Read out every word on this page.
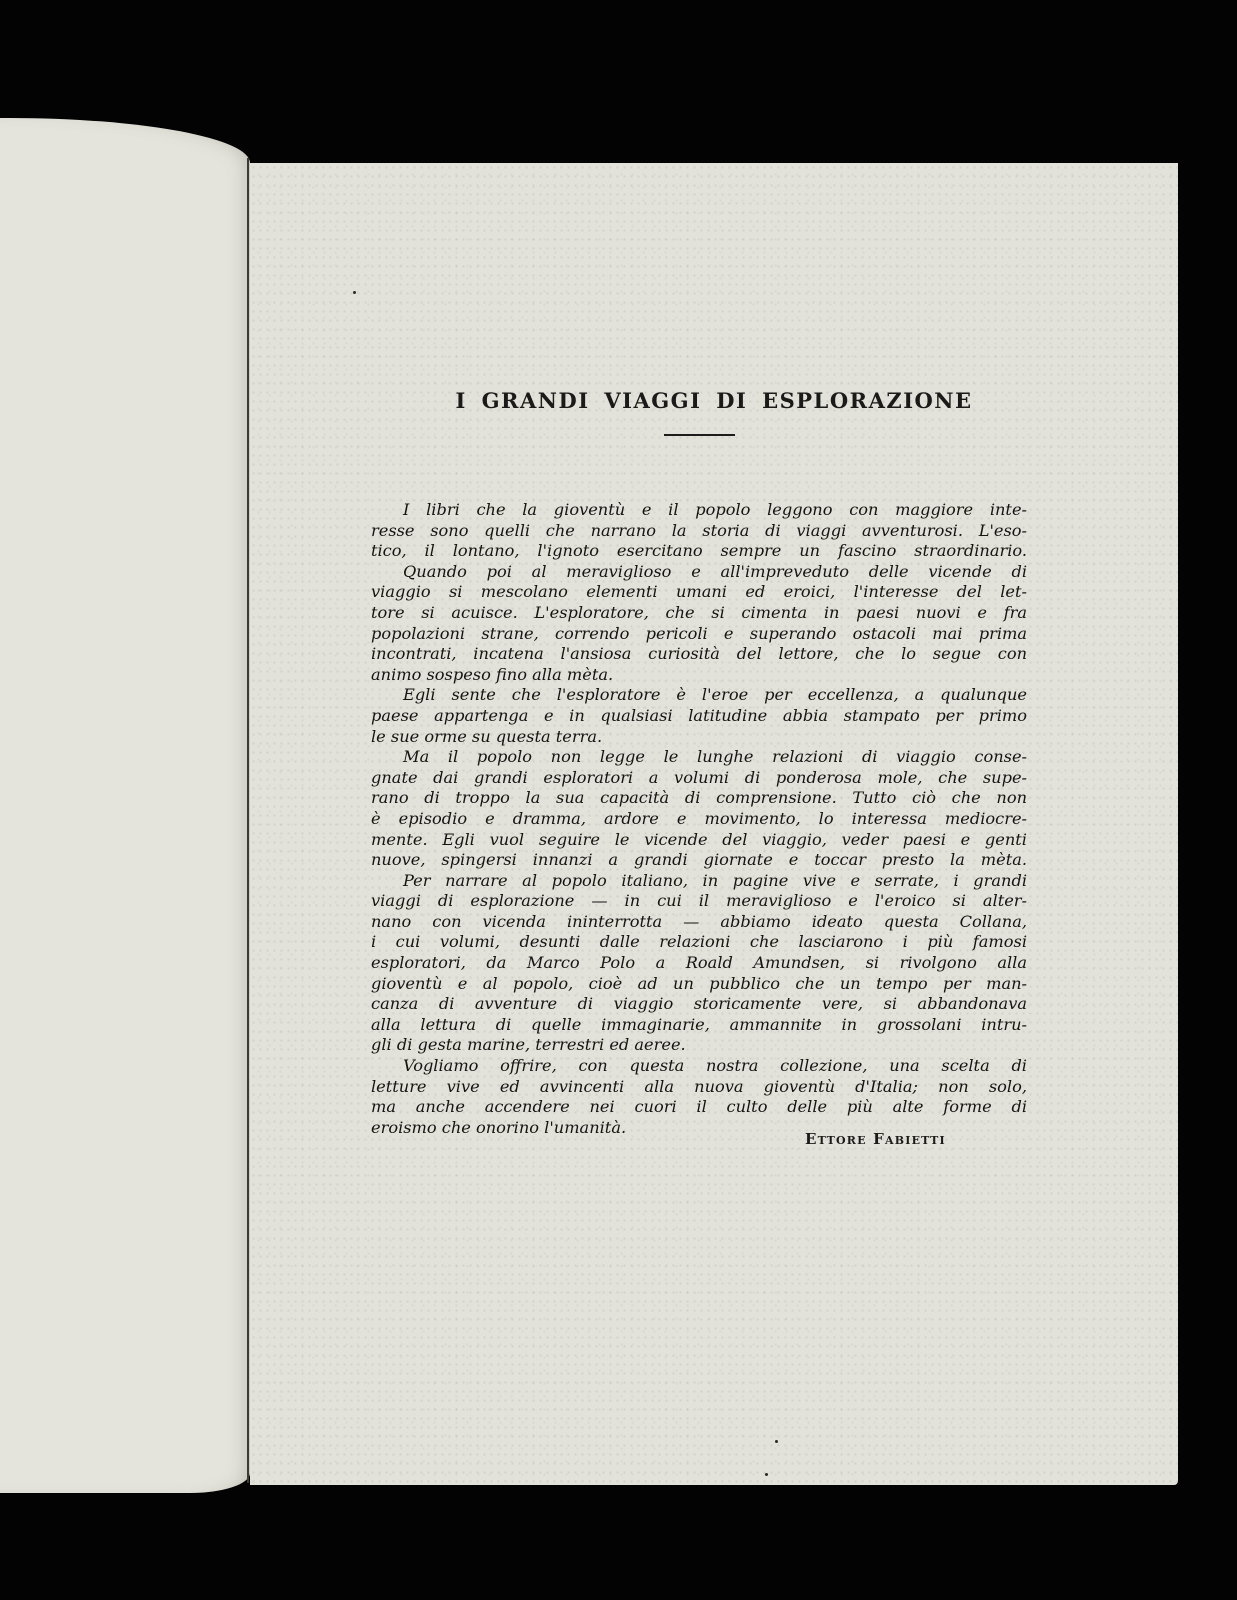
I GRANDI VIAGGI DI ESPLORAZIONE
I libri che la gioventù e il popolo leggono con maggiore inte-
resse sono quelli che narrano la storia di viaggi avventurosi. L'eso-
tico, il lontano, l'ignoto esercitano sempre un fascino straordinario.
Quando poi al meraviglioso e all'impreveduto delle vicende di
viaggio si mescolano elementi umani ed eroici, l'interesse del let-
tore si acuisce. L'esploratore, che si cimenta in paesi nuovi e fra
popolazioni strane, correndo pericoli e superando ostacoli mai prima
incontrati, incatena l'ansiosa curiosità del lettore, che lo segue con
animo sospeso fino alla mèta.
Egli sente che l'esploratore è l'eroe per eccellenza, a qualunque
paese appartenga e in qualsiasi latitudine abbia stampato per primo
le sue orme su questa terra.
Ma il popolo non legge le lunghe relazioni di viaggio conse-
gnate dai grandi esploratori a volumi di ponderosa mole, che supe-
rano di troppo la sua capacità di comprensione. Tutto ciò che non
è episodio e dramma, ardore e movimento, lo interessa mediocre-
mente. Egli vuol seguire le vicende del viaggio, veder paesi e genti
nuove, spingersi innanzi a grandi giornate e toccar presto la mèta.
Per narrare al popolo italiano, in pagine vive e serrate, i grandi
viaggi di esplorazione — in cui il meraviglioso e l'eroico si alter-
nano con vicenda ininterrotta — abbiamo ideato questa Collana,
i cui volumi, desunti dalle relazioni che lasciarono i più famosi
esploratori, da Marco Polo a Roald Amundsen, si rivolgono alla
gioventù e al popolo, cioè ad un pubblico che un tempo per man-
canza di avventure di viaggio storicamente vere, si abbandonava
alla lettura di quelle immaginarie, ammannite in grossolani intru-
gli di gesta marine, terrestri ed aeree.
Vogliamo offrire, con questa nostra collezione, una scelta di
letture vive ed avvincenti alla nuova gioventù d'Italia; non solo,
ma anche accendere nei cuori il culto delle più alte forme di
eroismo che onorino l'umanità.
Ettore Fabietti
